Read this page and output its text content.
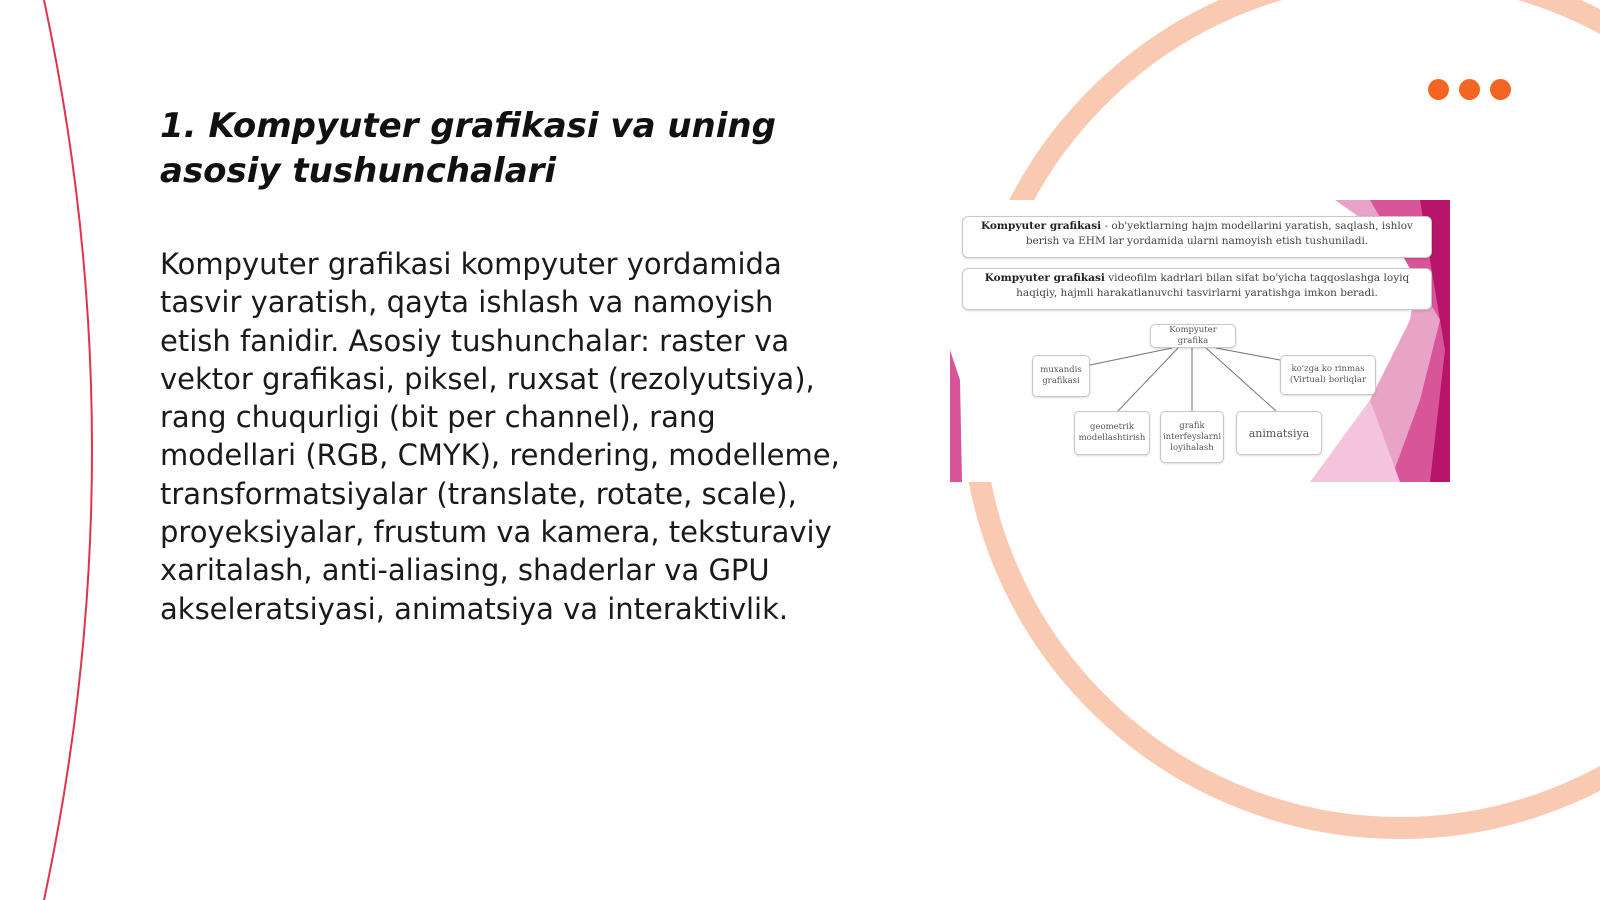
1. Kompyuter grafikasi va uning asosiy tushunchalari

Kompyuter grafikasi kompyuter yordamida tasvir yaratish, qayta ishlash va namoyish etish fanidir. Asosiy tushunchalar: raster va vektor grafikasi, piksel, ruxsat (rezolyutsiya), rang chuqurligi (bit per channel), rang modellari (RGB, CMYK), rendering, modelleme, transformatsiyalar (translate, rotate, scale), proyeksiyalar, frustum va kamera, teksturaviy xaritalash, anti-aliasing, shaderlar va GPU akseleratsiyasi, animatsiya va interaktivlik.

Kompyuter grafikasi - ob'yektlarning hajm modellarini yaratish, saqlash, ishlov berish va EHM lar yordamida ularni namoyish etish tushuniladi.
Kompyuter grafikasi videofilm kadrlari bilan sifat bo'yicha taqqoslashga loyiq haqiqiy, hajmli harakatlanuvchi tasvirlarni yaratishga imkon beradi.
Kompyuter grafika
muxandis grafikasi
ko'zga ko rinmas (Virtual) borliqlar
geometrik modellashtirish
grafik interfeyslarni loyihalash
animatsiya
